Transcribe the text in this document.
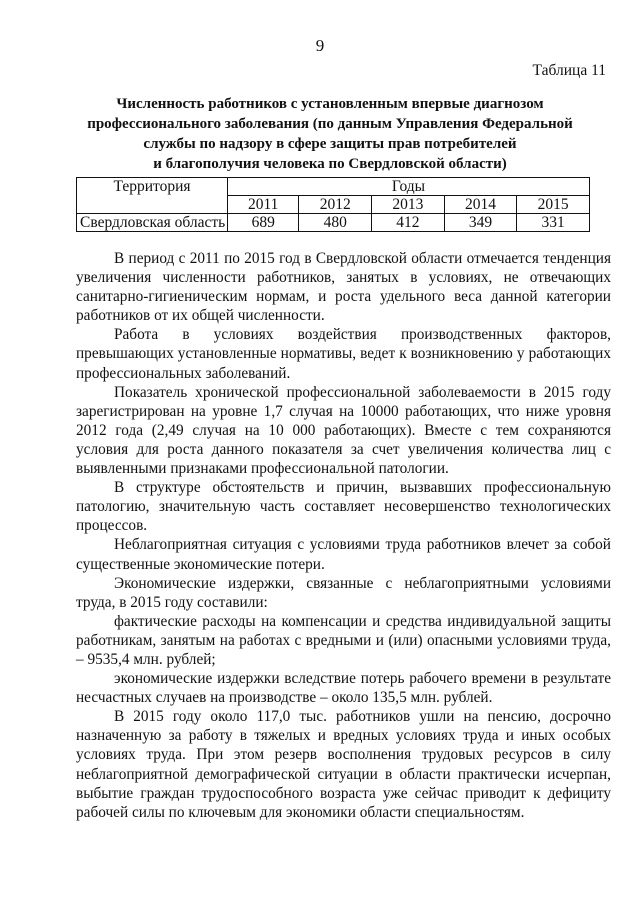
9
Таблица 11
Численность работников с установленным впервые диагнозом
профессионального заболевания (по данным Управления Федеральной
службы по надзору в сфере защиты прав потребителей
и благополучия человека по Свердловской области)
Территория	Годы				
	2011	2012	2013	2014	2015
Свердловская область	689	480	412	349	331

В период с 2011 по 2015 год в Свердловской области отмечается тенденция увеличения численности работников, занятых в условиях, не отвечающих санитарно-гигиеническим нормам, и роста удельного веса данной категории работников от их общей численности.

Работа в условиях воздействия производственных факторов, превышающих установленные нормативы, ведет к возникновению у работающих профессиональных заболеваний.

Показатель хронической профессиональной заболеваемости в 2015 году зарегистрирован на уровне 1,7 случая на 10000 работающих, что ниже уровня 2012 года (2,49 случая на 10 000 работающих). Вместе с тем сохраняются условия для роста данного показателя за счет увеличения количества лиц с выявленными признаками профессиональной патологии.

В структуре обстоятельств и причин, вызвавших профессиональную патологию, значительную часть составляет несовершенство технологических процессов.

Неблагоприятная ситуация с условиями труда работников влечет за собой существенные экономические потери.

Экономические издержки, связанные с неблагоприятными условиями труда, в 2015 году составили:

фактические расходы на компенсации и средства индивидуальной защиты работникам, занятым на работах с вредными и (или) опасными условиями труда, – 9535,4 млн. рублей;

экономические издержки вследствие потерь рабочего времени в результате несчастных случаев на производстве – около 135,5 млн. рублей.

В 2015 году около 117,0 тыс. работников ушли на пенсию, досрочно назначенную за работу в тяжелых и вредных условиях труда и иных особых условиях труда. При этом резерв восполнения трудовых ресурсов в силу неблагоприятной демографической ситуации в области практически исчерпан, выбытие граждан трудоспособного возраста уже сейчас приводит к дефициту рабочей силы по ключевым для экономики области специальностям.
